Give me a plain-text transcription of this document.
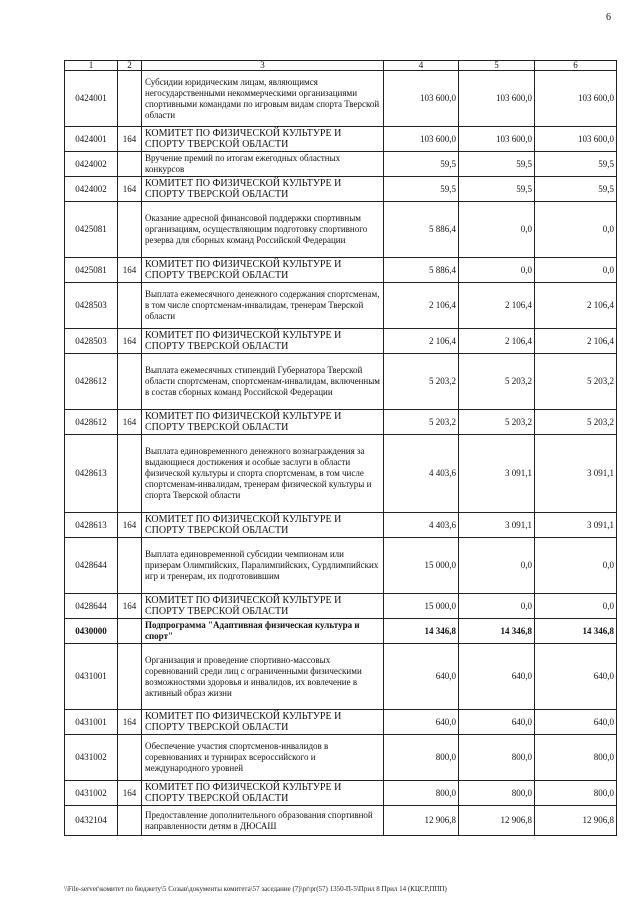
6
1	2	3	4	5	6
0424001		Субсидии юридическим лицам, являющимся негосударственными некоммерческими организациями спортивными командами по игровым видам спорта Тверской области	103 600,0	103 600,0	103 600,0
0424001	164	КОМИТЕТ ПО ФИЗИЧЕСКОЙ КУЛЬТУРЕ И СПОРТУ ТВЕРСКОЙ ОБЛАСТИ	103 600,0	103 600,0	103 600,0
0424002		Вручение премий по итогам ежегодных областных конкурсов	59,5	59,5	59,5
0424002	164	КОМИТЕТ ПО ФИЗИЧЕСКОЙ КУЛЬТУРЕ И СПОРТУ ТВЕРСКОЙ ОБЛАСТИ	59,5	59,5	59,5
0425081		Оказание адресной финансовой поддержки спортивным организациям, осуществляющим подготовку спортивного резерва для сборных команд Российской Федерации	5 886,4	0,0	0,0
0425081	164	КОМИТЕТ ПО ФИЗИЧЕСКОЙ КУЛЬТУРЕ И СПОРТУ ТВЕРСКОЙ ОБЛАСТИ	5 886,4	0,0	0,0
0428503		Выплата ежемесячного денежного содержания спортсменам, в том числе спортсменам-инвалидам, тренерам Тверской области	2 106,4	2 106,4	2 106,4
0428503	164	КОМИТЕТ ПО ФИЗИЧЕСКОЙ КУЛЬТУРЕ И СПОРТУ ТВЕРСКОЙ ОБЛАСТИ	2 106,4	2 106,4	2 106,4
0428612		Выплата ежемесячных стипендий Губернатора Тверской области спортсменам, спортсменам-инвалидам, включенным в состав сборных команд Российской Федерации	5 203,2	5 203,2	5 203,2
0428612	164	КОМИТЕТ ПО ФИЗИЧЕСКОЙ КУЛЬТУРЕ И СПОРТУ ТВЕРСКОЙ ОБЛАСТИ	5 203,2	5 203,2	5 203,2
0428613		Выплата единовременного денежного вознаграждения за выдающиеся достижения и особые заслуги в области физической культуры и спорта спортсменам, в том числе спортсменам-инвалидам, тренерам физической культуры и спорта Тверской области	4 403,6	3 091,1	3 091,1
0428613	164	КОМИТЕТ ПО ФИЗИЧЕСКОЙ КУЛЬТУРЕ И СПОРТУ ТВЕРСКОЙ ОБЛАСТИ	4 403,6	3 091,1	3 091,1
0428644		Выплата единовременной субсидии чемпионам или призерам Олимпийских, Паралимпийских, Сурдлимпийских игр и тренерам, их подготовившим	15 000,0	0,0	0,0
0428644	164	КОМИТЕТ ПО ФИЗИЧЕСКОЙ КУЛЬТУРЕ И СПОРТУ ТВЕРСКОЙ ОБЛАСТИ	15 000,0	0,0	0,0
0430000		Подпрограмма "Адаптивная физическая культура и спорт"	14 346,8	14 346,8	14 346,8
0431001		Организация и проведение спортивно-массовых соревнований среди лиц с ограниченными физическими возможностями здоровья и инвалидов, их вовлечение в активный образ жизни	640,0	640,0	640,0
0431001	164	КОМИТЕТ ПО ФИЗИЧЕСКОЙ КУЛЬТУРЕ И СПОРТУ ТВЕРСКОЙ ОБЛАСТИ	640,0	640,0	640,0
0431002		Обеспечение участия спортсменов-инвалидов в соревнованиях и турнирах всероссийского и международного уровней	800,0	800,0	800,0
0431002	164	КОМИТЕТ ПО ФИЗИЧЕСКОЙ КУЛЬТУРЕ И СПОРТУ ТВЕРСКОЙ ОБЛАСТИ	800,0	800,0	800,0
0432104		Предоставление дополнительного образования спортивной направленности детям в ДЮСАШ	12 906,8	12 906,8	12 906,8
\\File-server\комитет по бюджету\5 Созыв\документы комитета\57 заседание (7)\pr\pr(57) 1350-П-5\Прил 8 Прил 14 (КЦСР,ППП)
